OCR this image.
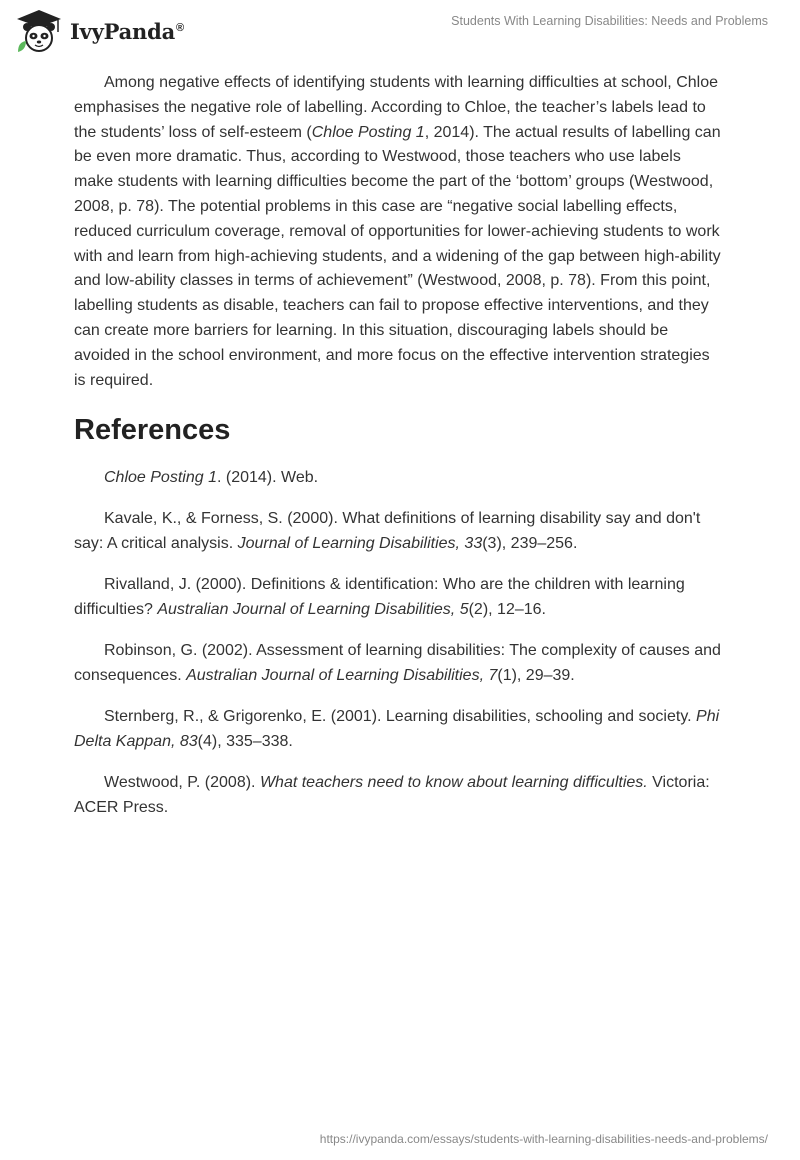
IvyPanda®	Students With Learning Disabilities: Needs and Problems

Among negative effects of identifying students with learning difficulties at school, Chloe emphasises the negative role of labelling. According to Chloe, the teacher’s labels lead to the students’ loss of self-esteem (Chloe Posting 1, 2014). The actual results of labelling can be even more dramatic. Thus, according to Westwood, those teachers who use labels make students with learning difficulties become the part of the ‘bottom’ groups (Westwood, 2008, p. 78). The potential problems in this case are “negative social labelling effects, reduced curriculum coverage, removal of opportunities for lower-achieving students to work with and learn from high-achieving students, and a widening of the gap between high-ability and low-ability classes in terms of achievement” (Westwood, 2008, p. 78). From this point, labelling students as disable, teachers can fail to propose effective interventions, and they can create more barriers for learning. In this situation, discouraging labels should be avoided in the school environment, and more focus on the effective intervention strategies is required.

References

Chloe Posting 1. (2014). Web.

Kavale, K., & Forness, S. (2000). What definitions of learning disability say and don't say: A critical analysis. Journal of Learning Disabilities, 33(3), 239–256.

Rivalland, J. (2000). Definitions & identification: Who are the children with learning difficulties? Australian Journal of Learning Disabilities, 5(2), 12–16.

Robinson, G. (2002). Assessment of learning disabilities: The complexity of causes and consequences. Australian Journal of Learning Disabilities, 7(1), 29–39.

Sternberg, R., & Grigorenko, E. (2001). Learning disabilities, schooling and society. Phi Delta Kappan, 83(4), 335–338.

Westwood, P. (2008). What teachers need to know about learning difficulties. Victoria: ACER Press.

https://ivypanda.com/essays/students-with-learning-disabilities-needs-and-problems/
